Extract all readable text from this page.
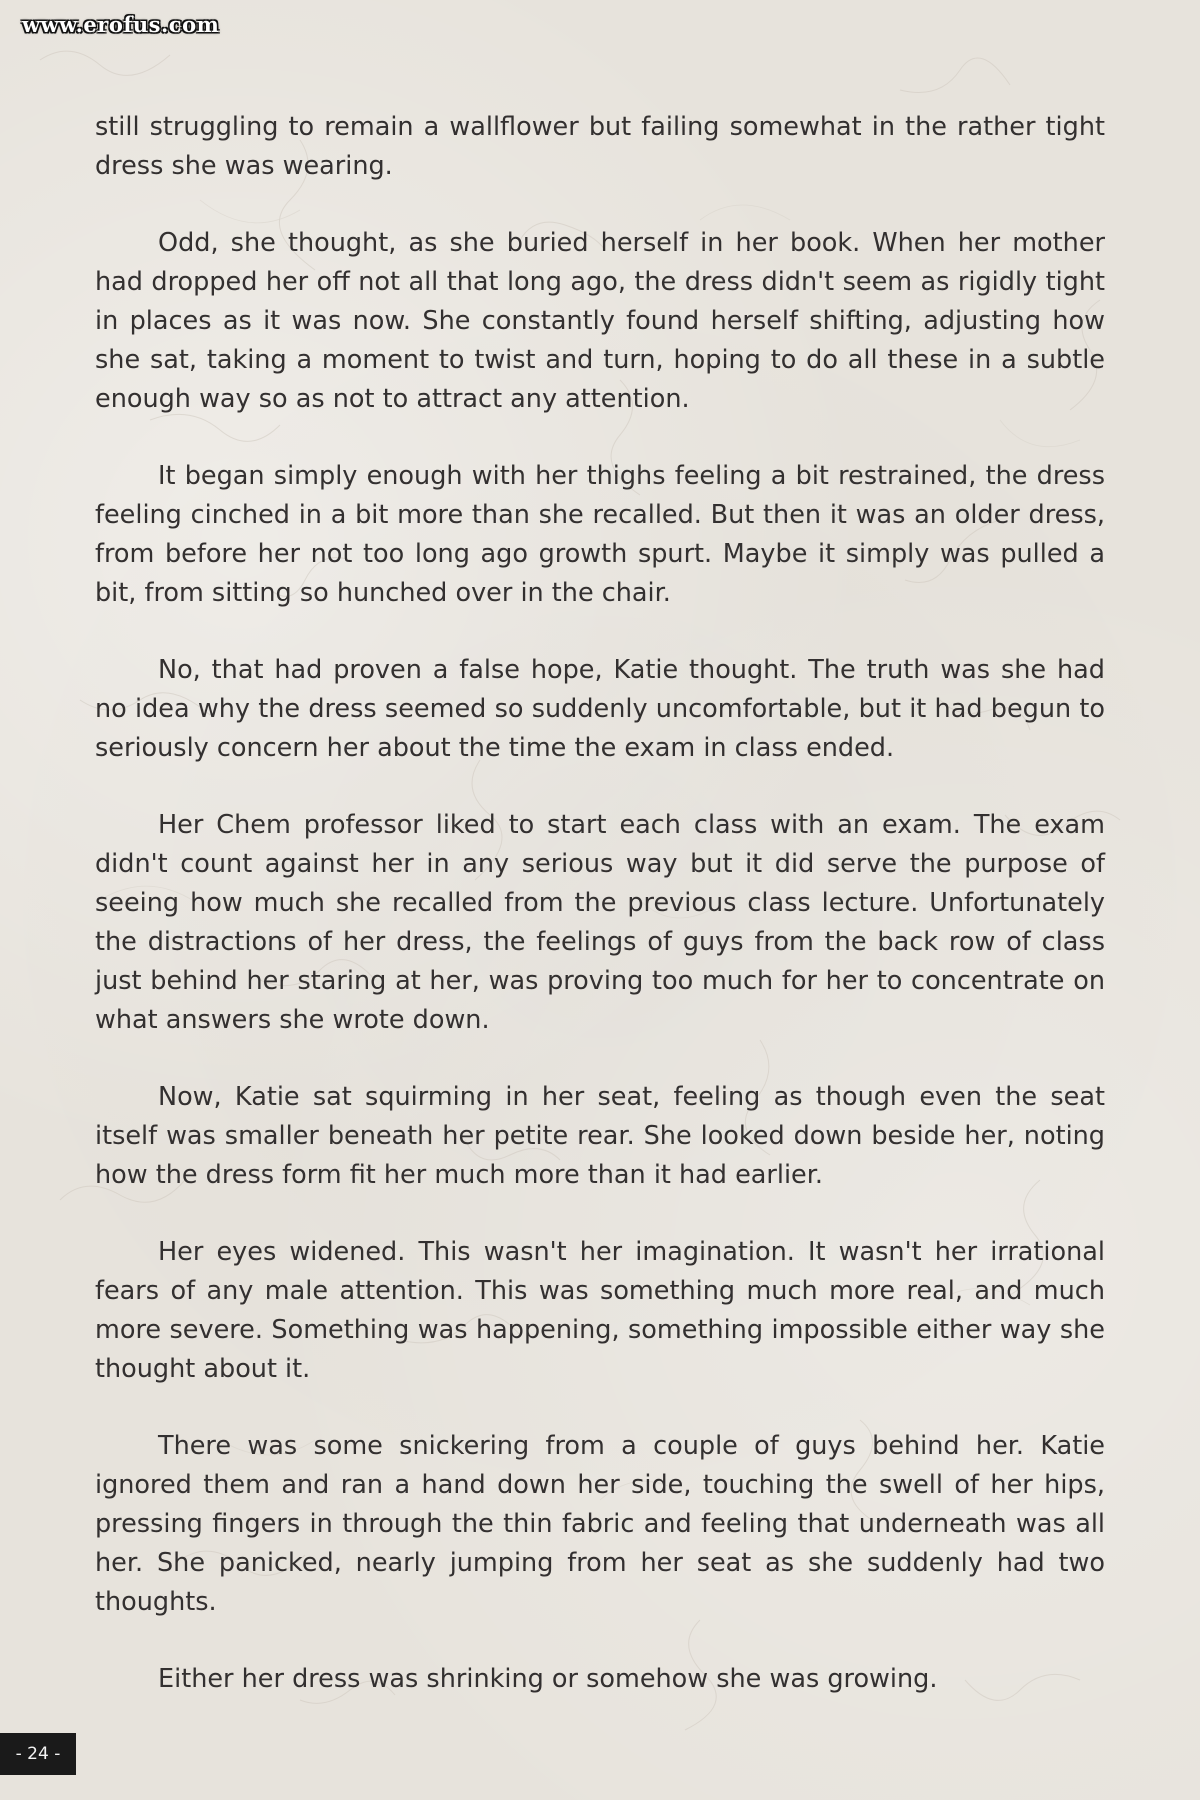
www.erofus.com

still struggling to remain a wallflower but failing somewhat in the rather tight dress she was wearing.

Odd, she thought, as she buried herself in her book. When her mother had dropped her off not all that long ago, the dress didn't seem as rigidly tight in places as it was now. She constantly found herself shifting, adjusting how she sat, taking a moment to twist and turn, hoping to do all these in a subtle enough way so as not to attract any attention.

It began simply enough with her thighs feeling a bit restrained, the dress feeling cinched in a bit more than she recalled. But then it was an older dress, from before her not too long ago growth spurt. Maybe it simply was pulled a bit, from sitting so hunched over in the chair.

No, that had proven a false hope, Katie thought. The truth was she had no idea why the dress seemed so suddenly uncomfortable, but it had begun to seriously concern her about the time the exam in class ended.

Her Chem professor liked to start each class with an exam. The exam didn't count against her in any serious way but it did serve the purpose of seeing how much she recalled from the previous class lecture. Unfortunately the distractions of her dress, the feelings of guys from the back row of class just behind her staring at her, was proving too much for her to concentrate on what answers she wrote down.

Now, Katie sat squirming in her seat, feeling as though even the seat itself was smaller beneath her petite rear. She looked down beside her, noting how the dress form fit her much more than it had earlier.

Her eyes widened. This wasn't her imagination. It wasn't her irrational fears of any male attention. This was something much more real, and much more severe. Something was happening, something impossible either way she thought about it.

There was some snickering from a couple of guys behind her. Katie ignored them and ran a hand down her side, touching the swell of her hips, pressing fingers in through the thin fabric and feeling that underneath was all her. She panicked, nearly jumping from her seat as she suddenly had two thoughts.

Either her dress was shrinking or somehow she was growing.

- 24 -
